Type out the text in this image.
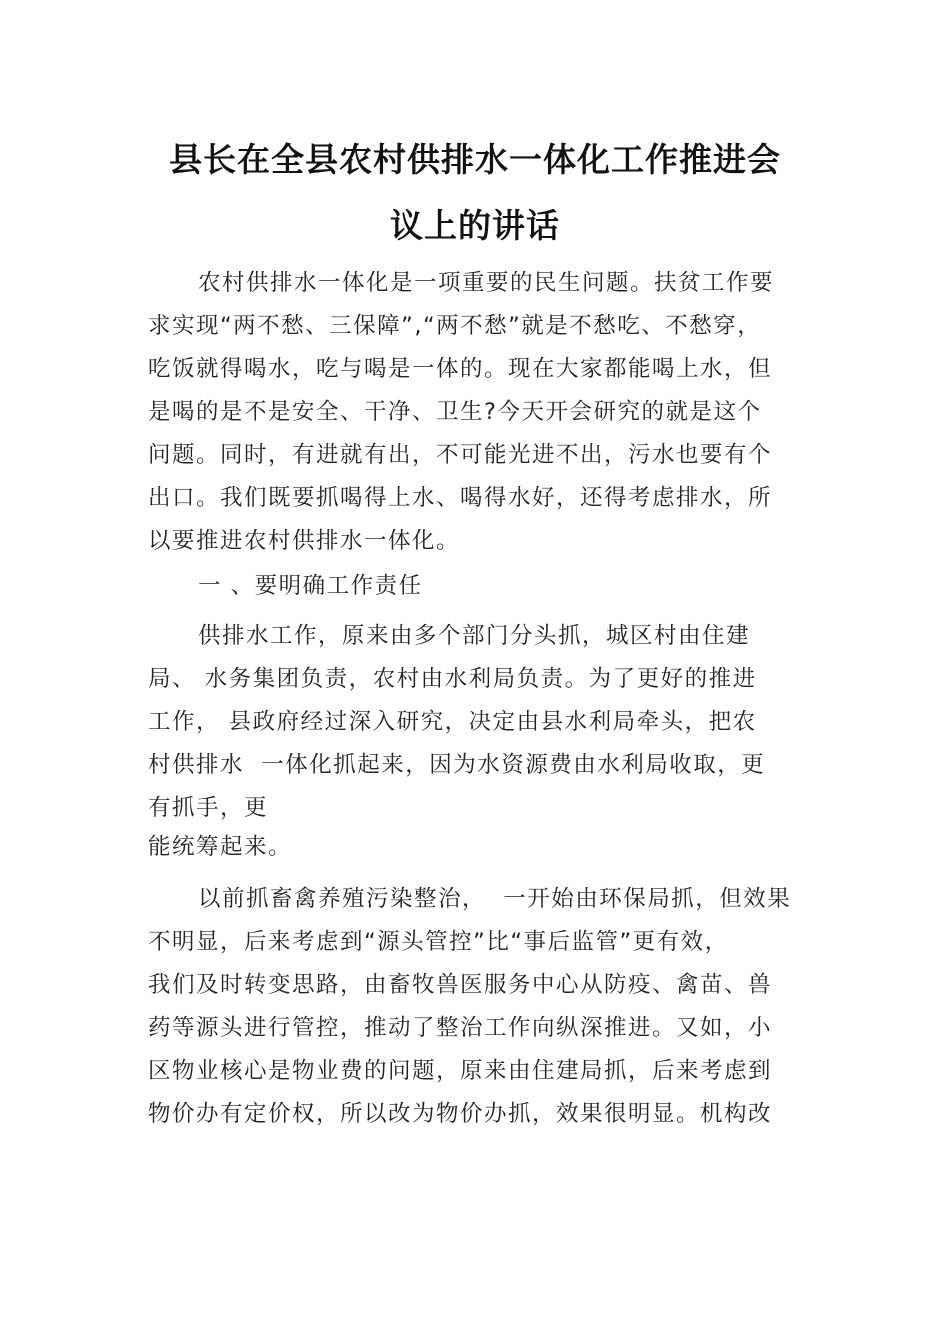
县长在全县农村供排水一体化工作推进会
议上的讲话
农村供排水一体化是一项重要的民生问题。扶贫工作要
求实现“两不愁、三保障”,“两不愁”就是不愁吃、不愁穿，
吃饭就得喝水，吃与喝是一体的。现在大家都能喝上水，但
是喝的是不是安全、干净、卫生?今天开会研究的就是这个
问题。同时，有进就有出，不可能光进不出，污水也要有个
出口。我们既要抓喝得上水、喝得水好，还得考虑排水，所
以要推进农村供排水一体化。
一 、要明确工作责任
供排水工作，原来由多个部门分头抓，城区村由住建
局、 水务集团负责，农村由水利局负责。为了更好的推进
工作， 县政府经过深入研究，决定由县水利局牵头，把农
村供排水  一体化抓起来，因为水资源费由水利局收取，更
有抓手，更
能统筹起来。
以前抓畜禽养殖污染整治，  一开始由环保局抓，但效果
不明显，后来考虑到“源头管控”比“事后监管”更有效，
我们及时转变思路，由畜牧兽医服务中心从防疫、禽苗、兽
药等源头进行管控，推动了整治工作向纵深推进。又如，小
区物业核心是物业费的问题，原来由住建局抓，后来考虑到
物价办有定价权，所以改为物价办抓，效果很明显。机构改
